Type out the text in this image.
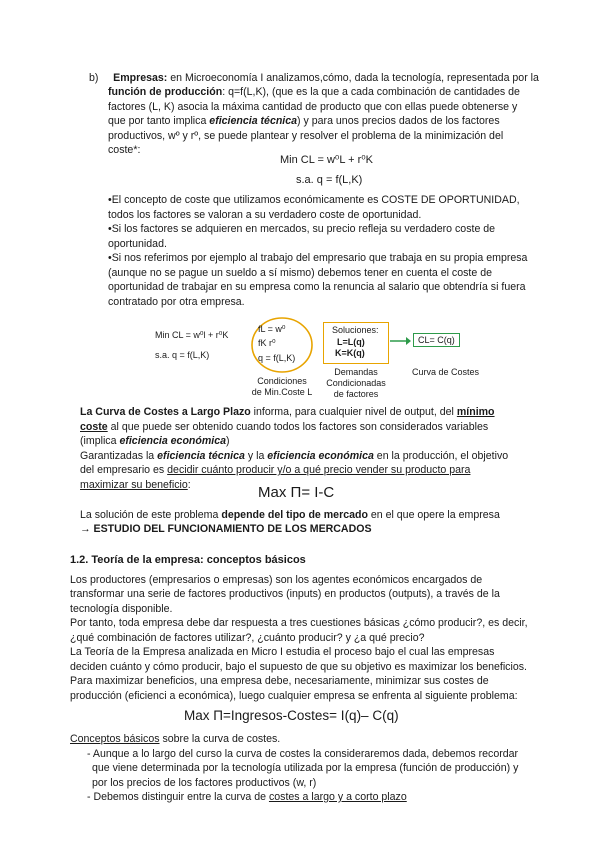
b) Empresas: en Microeconomía I analizamos,cómo, dada la tecnología, representada por la
función de producción: q=f(L,K), (que es la que a cada combinación de cantidades de
factores (L, K) asocia la máxima cantidad de producto que con ellas puede obtenerse y
que por tanto implica eficiencia técnica) y para unos precios dados de los factores
productivos, wº y rº, se puede plantear y resolver el problema de la minimización del
coste*:
Min CL = w⁰L + r⁰K
s.a. q = f(L,K)
•El concepto de coste que utilizamos económicamente es COSTE DE OPORTUNIDAD,
todos los factores se valoran a su verdadero coste de oportunidad.
•Si los factores se adquieren en mercados, su precio refleja su verdadero coste de
oportunidad.
•Si nos referimos por ejemplo al trabajo del empresario que trabaja en su propia empresa
(aunque no se pague un sueldo a sí mismo) debemos tener en cuenta el coste de
oportunidad de trabajar en su empresa como la renuncia al salario que obtendría si fuera
contratado por otra empresa.
Min CL = w⁰l + r⁰K
s.a. q = f(L,K)
fL = w⁰
fK r⁰
q = f(L,K)
Condiciones
de Min.Coste L
Soluciones:
L=L(q)
K=K(q)
Demandas
Condicionadas
de factores
CL= C(q)
Curva de Costes
La Curva de Costes a Largo Plazo informa, para cualquier nivel de output, del mínimo
coste al que puede ser obtenido cuando todos los factores son considerados variables
(implica eficiencia económica)
Garantizadas la eficiencia técnica y la eficiencia económica en la producción, el objetivo
del empresario es decidir cuánto producir y/o a qué precio vender su producto para
maximizar su beneficio:	Max Π= I-C
La solución de este problema depende del tipo de mercado en el que opere la empresa
→ ESTUDIO DEL FUNCIONAMIENTO DE LOS MERCADOS
1.2. Teoría de la empresa: conceptos básicos
Los productores (empresarios o empresas) son los agentes económicos encargados de
transformar una serie de factores productivos (inputs) en productos (outputs), a través de la
tecnología disponible.
Por tanto, toda empresa debe dar respuesta a tres cuestiones básicas ¿cómo producir?, es decir,
¿qué combinación de factores utilizar?, ¿cuánto producir? y ¿a qué precio?
La Teoría de la Empresa analizada en Micro I estudia el proceso bajo el cual las empresas
deciden cuánto y cómo producir, bajo el supuesto de que su objetivo es maximizar los beneficios.
Para maximizar beneficios, una empresa debe, necesariamente, minimizar sus costes de
producción (eficienci a económica), luego cualquier empresa se enfrenta al siguiente problema:
Max Π=Ingresos-Costes= I(q)– C(q)
Conceptos básicos sobre la curva de costes.
- Aunque a lo largo del curso la curva de costes la consideraremos dada, debemos recordar
que viene determinada por la tecnología utilizada por la empresa (función de producción) y
por los precios de los factores productivos (w, r)
- Debemos distinguir entre la curva de costes a largo y a corto plazo
